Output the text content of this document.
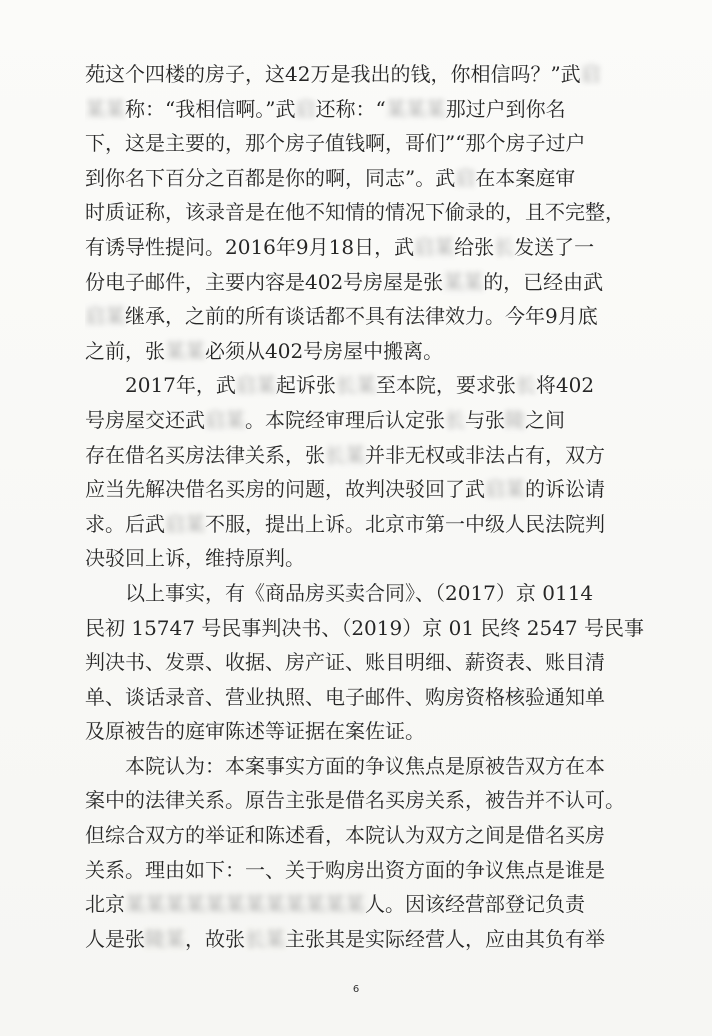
苑这个四楼的房子，这42万是我出的钱，你相信吗？”武启
某某称：“我相信啊。”武启还称：“某某某那过户到你名
下，这是主要的，那个房子值钱啊，哥们”“那个房子过户
到你名下百分之百都是你的啊，同志”。武启在本案庭审
时质证称，该录音是在他不知情的情况下偷录的，且不完整，
有诱导性提问。2016年9月18日，武启某给张长发送了一
份电子邮件，主要内容是402号房屋是张某某的，已经由武
启某继承，之前的所有谈话都不具有法律效力。今年9月底
之前，张某某必须从402号房屋中搬离。
　　2017年，武启某起诉张长某至本院，要求张长将402
号房屋交还武启某。本院经审理后认定张长与张陵之间
存在借名买房法律关系，张长某并非无权或非法占有，双方
应当先解决借名买房的问题，故判决驳回了武启某的诉讼请
求。后武启某不服，提出上诉。北京市第一中级人民法院判
决驳回上诉，维持原判。
　　以上事实，有《商品房买卖合同》、（2017）京 0114
民初 15747 号民事判决书、（2019）京 01 民终 2547 号民事
判决书、发票、收据、房产证、账目明细、薪资表、账目清
单、谈话录音、营业执照、电子邮件、购房资格核验通知单
及原被告的庭审陈述等证据在案佐证。
　　本院认为：本案事实方面的争议焦点是原被告双方在本
案中的法律关系。原告主张是借名买房关系，被告并不认可。
但综合双方的举证和陈述看，本院认为双方之间是借名买房
关系。理由如下：一、关于购房出资方面的争议焦点是谁是
北京某某某某某某某某某某某某人。因该经营部登记负责
人是张陵某，故张长某主张其是实际经营人，应由其负有举
6
